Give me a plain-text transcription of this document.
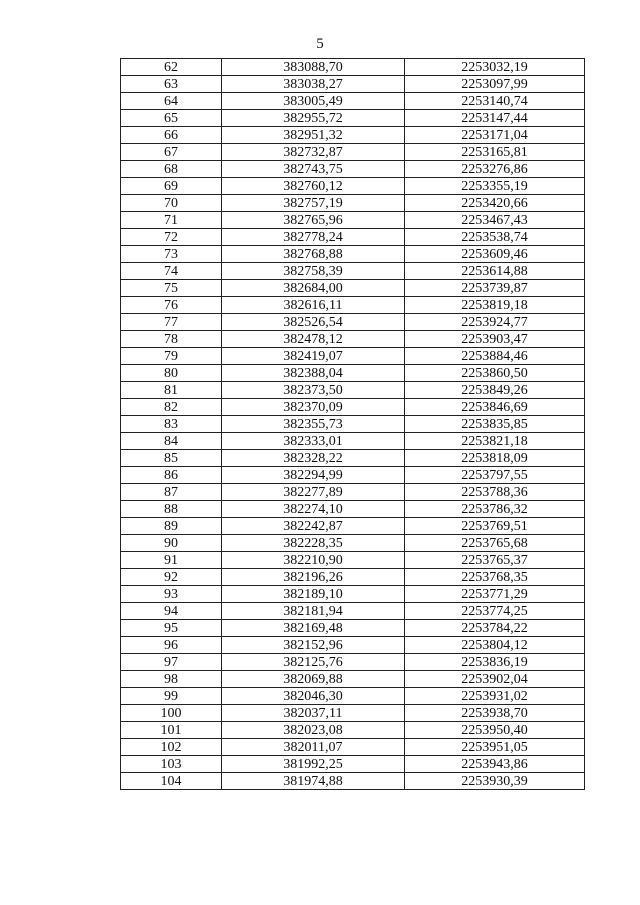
5
62	383088,70	2253032,19
63	383038,27	2253097,99
64	383005,49	2253140,74
65	382955,72	2253147,44
66	382951,32	2253171,04
67	382732,87	2253165,81
68	382743,75	2253276,86
69	382760,12	2253355,19
70	382757,19	2253420,66
71	382765,96	2253467,43
72	382778,24	2253538,74
73	382768,88	2253609,46
74	382758,39	2253614,88
75	382684,00	2253739,87
76	382616,11	2253819,18
77	382526,54	2253924,77
78	382478,12	2253903,47
79	382419,07	2253884,46
80	382388,04	2253860,50
81	382373,50	2253849,26
82	382370,09	2253846,69
83	382355,73	2253835,85
84	382333,01	2253821,18
85	382328,22	2253818,09
86	382294,99	2253797,55
87	382277,89	2253788,36
88	382274,10	2253786,32
89	382242,87	2253769,51
90	382228,35	2253765,68
91	382210,90	2253765,37
92	382196,26	2253768,35
93	382189,10	2253771,29
94	382181,94	2253774,25
95	382169,48	2253784,22
96	382152,96	2253804,12
97	382125,76	2253836,19
98	382069,88	2253902,04
99	382046,30	2253931,02
100	382037,11	2253938,70
101	382023,08	2253950,40
102	382011,07	2253951,05
103	381992,25	2253943,86
104	381974,88	2253930,39
